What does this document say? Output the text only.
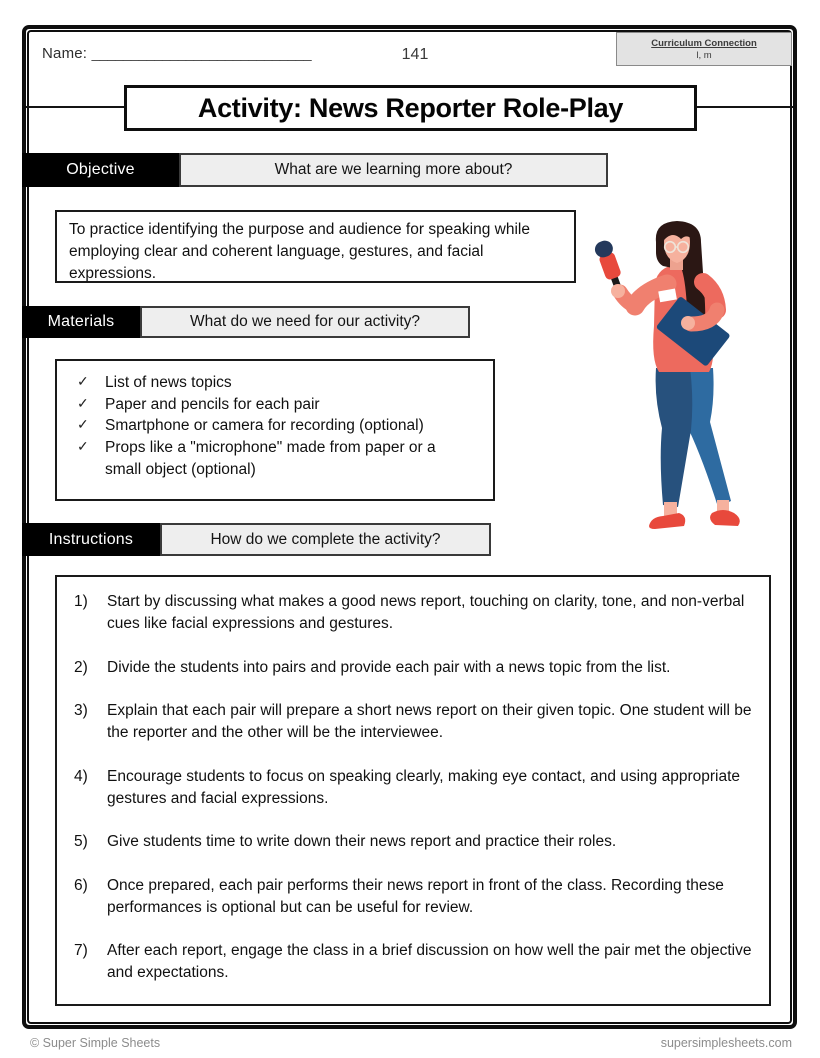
Name: ____________________________	141
Curriculum Connection
l, m
Activity: News Reporter Role-Play
Objective	What are we learning more about?
To practice identifying the purpose and audience for speaking while employing clear and coherent language, gestures, and facial expressions.
Materials	What do we need for our activity?
✓	List of news topics
✓	Paper and pencils for each pair
✓	Smartphone or camera for recording (optional)
✓	Props like a "microphone" made from paper or a small object (optional)
Instructions	How do we complete the activity?
1)	Start by discussing what makes a good news report, touching on clarity, tone, and non-verbal cues like facial expressions and gestures.
2)	Divide the students into pairs and provide each pair with a news topic from the list.
3)	Explain that each pair will prepare a short news report on their given topic. One student will be the reporter and the other will be the interviewee.
4)	Encourage students to focus on speaking clearly, making eye contact, and using appropriate gestures and facial expressions.
5)	Give students time to write down their news report and practice their roles.
6)	Once prepared, each pair performs their news report in front of the class. Recording these performances is optional but can be useful for review.
7)	After each report, engage the class in a brief discussion on how well the pair met the objective and expectations.
© Super Simple Sheets	supersimplesheets.com
